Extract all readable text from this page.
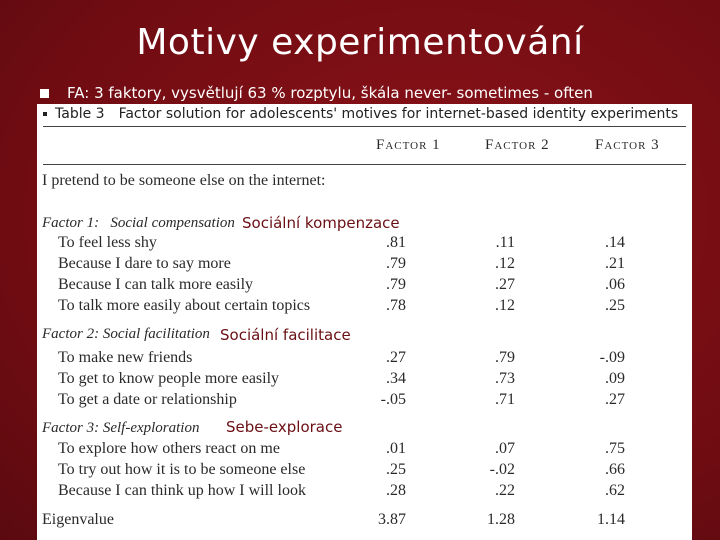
Motivy experimentování
FA: 3 faktory, vysvětlují 63 % rozptylu, škála never- sometimes - often
Table 3 Factor solution for adolescents' motives for internet-based identity experiments
Factor 1	Factor 2	Factor 3
I pretend to be someone else on the internet:
Factor 1: Social compensation Sociální kompenzace
To feel less shy	.81	.11	.14
Because I dare to say more	.79	.12	.21
Because I can talk more easily	.79	.27	.06
To talk more easily about certain topics	.78	.12	.25
Factor 2: Social facilitation Sociální facilitace
To make new friends	.27	.79	-.09
To get to know people more easily	.34	.73	.09
To get a date or relationship	-.05	.71	.27
Factor 3: Self-exploration Sebe-explorace
To explore how others react on me	.01	.07	.75
To try out how it is to be someone else	.25	-.02	.66
Because I can think up how I will look	.28	.22	.62
Eigenvalue	3.87	1.28	1.14
